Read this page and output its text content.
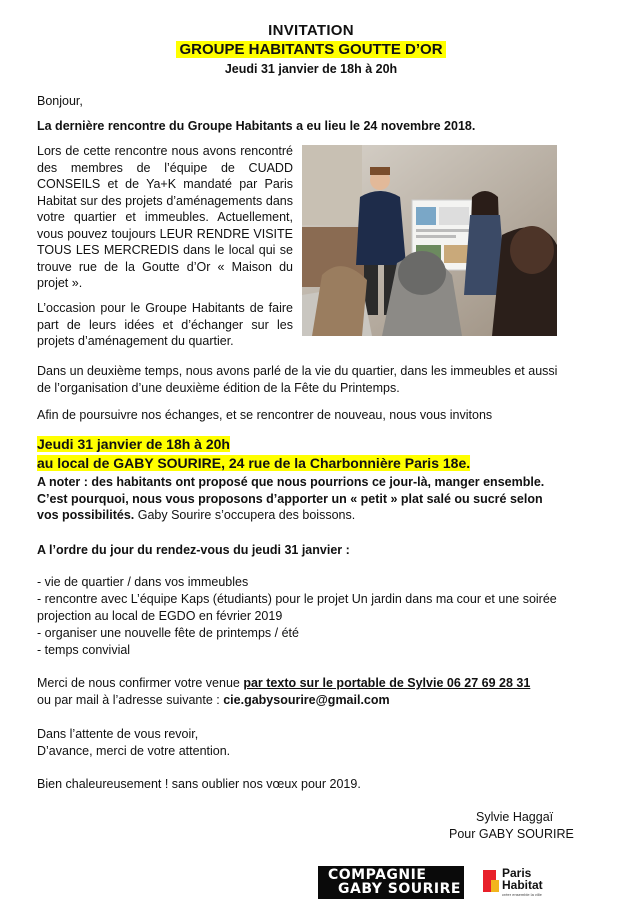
INVITATION
GROUPE HABITANTS GOUTTE D’OR
Jeudi 31 janvier de 18h à 20h
Bonjour,
La dernière rencontre du Groupe Habitants a eu lieu le 24 novembre 2018.
Lors de cette rencontre nous avons rencontré des membres de l’équipe de CUADD CONSEILS et de Ya+K mandaté par Paris Habitat sur des projets d’aménagements dans votre quartier et immeubles. Actuellement, vous pouvez toujours LEUR RENDRE VISITE TOUS LES MERCREDIS dans le local qui se trouve rue de la Goutte d’Or « Maison du projet ».
L’occasion pour le Groupe Habitants de faire part de leurs idées et d’échanger sur les projets d’aménagement du quartier.
Dans un deuxième temps, nous avons parlé de la vie du quartier, dans les immeubles et aussi de l’organisation d’une deuxième édition de la Fête du Printemps.
Afin de poursuivre nos échanges, et se rencontrer de nouveau, nous vous invitons
Jeudi 31 janvier de 18h à 20h
au local de GABY SOURIRE, 24 rue de la Charbonnière Paris 18e.
A noter : des habitants ont proposé que nous pourrions ce jour-là, manger ensemble. C’est pourquoi, nous vous proposons d’apporter un « petit » plat salé ou sucré selon vos possibilités. Gaby Sourire s’occupera des boissons.
A l’ordre du jour du rendez-vous du jeudi 31 janvier :
- vie de quartier / dans vos immeubles
- rencontre avec L’équipe Kaps (étudiants) pour le projet Un jardin dans ma cour et une soirée projection au local de EGDO en février 2019
- organiser une nouvelle fête de printemps / été
- temps convivial
Merci de nous confirmer votre venue par texto sur le portable de Sylvie 06 27 69 28 31
ou par mail à l’adresse suivante : cie.gabysourire@gmail.com
Dans l’attente de vous revoir,
D’avance, merci de votre attention.
Bien chaleureusement ! sans oublier nos vœux pour 2019.
Sylvie Haggaï
Pour GABY SOURIRE
COMPAGNIE
GABY SOURIRE
Paris
Habitat
créer ensemble la ville
